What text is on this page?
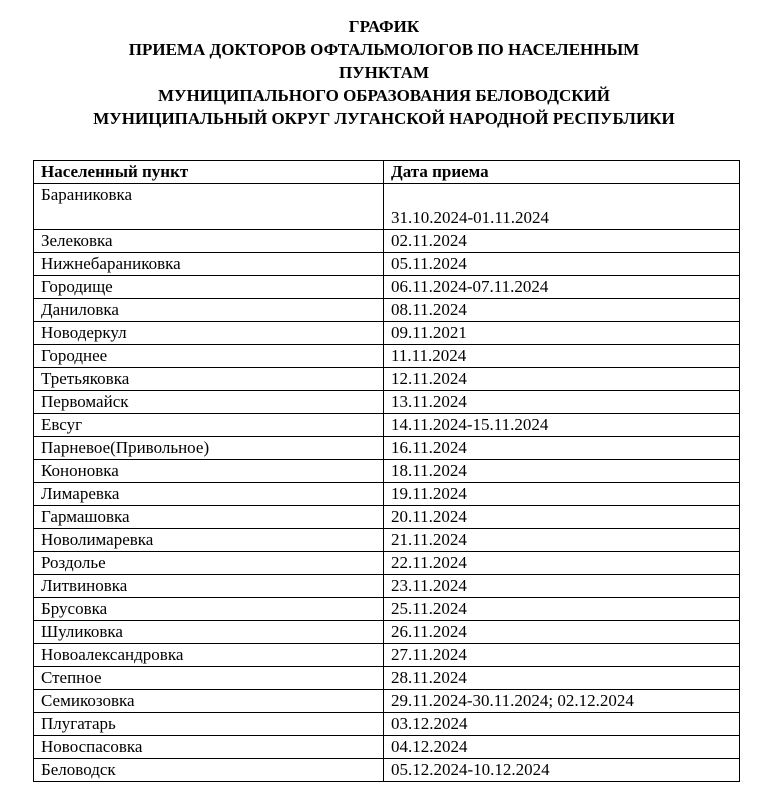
ГРАФИК
ПРИЕМА ДОКТОРОВ ОФТАЛЬМОЛОГОВ ПО НАСЕЛЕННЫМ
ПУНКТАМ
МУНИЦИПАЛЬНОГО ОБРАЗОВАНИЯ БЕЛОВОДСКИЙ
МУНИЦИПАЛЬНЫЙ ОКРУГ ЛУГАНСКОЙ НАРОДНОЙ РЕСПУБЛИКИ
Населенный пункт	Дата приема
Бараниковка	31.10.2024-01.11.2024
Зелековка	02.11.2024
Нижнебараниковка	05.11.2024
Городище	06.11.2024-07.11.2024
Даниловка	08.11.2024
Новодеркул	09.11.2021
Городнее	11.11.2024
Третьяковка	12.11.2024
Первомайск	13.11.2024
Евсуг	14.11.2024-15.11.2024
Парневое(Привольное)	16.11.2024
Кононовка	18.11.2024
Лимаревка	19.11.2024
Гармашовка	20.11.2024
Новолимаревка	21.11.2024
Роздолье	22.11.2024
Литвиновка	23.11.2024
Брусовка	25.11.2024
Шуликовка	26.11.2024
Новоалександровка	27.11.2024
Степное	28.11.2024
Семикозовка	29.11.2024-30.11.2024; 02.12.2024
Плугатарь	03.12.2024
Новоспасовка	04.12.2024
Беловодск	05.12.2024-10.12.2024
